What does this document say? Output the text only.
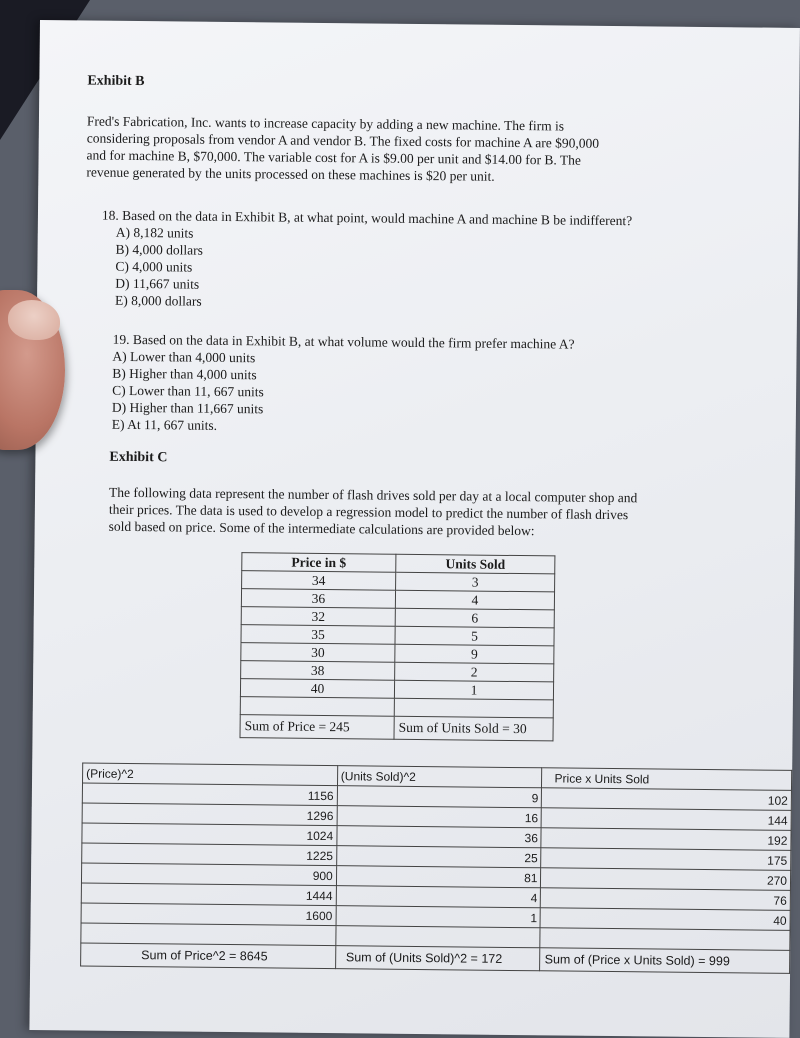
Exhibit B
Fred's Fabrication, Inc. wants to increase capacity by adding a new machine. The firm is
considering proposals from vendor A and vendor B. The fixed costs for machine A are $90,000
and for machine B, $70,000. The variable cost for A is $9.00 per unit and $14.00 for B. The
revenue generated by the units processed on these machines is $20 per unit.
18. Based on the data in Exhibit B, at what point, would machine A and machine B be indifferent?
A) 8,182 units
B) 4,000 dollars
C) 4,000 units
D) 11,667 units
E) 8,000 dollars
19. Based on the data in Exhibit B, at what volume would the firm prefer machine A?
A) Lower than 4,000 units
B) Higher than 4,000 units
C) Lower than 11, 667 units
D) Higher than 11,667 units
E) At 11, 667 units.
Exhibit C
The following data represent the number of flash drives sold per day at a local computer shop and
their prices. The data is used to develop a regression model to predict the number of flash drives
sold based on price. Some of the intermediate calculations are provided below:
Price in $	Units Sold
34	3
36	4
32	6
35	5
30	9
38	2
40	1

Sum of Price = 245	Sum of Units Sold = 30
(Price)^2	(Units Sold)^2	Price x Units Sold
1156	9	102
1296	16	144
1024	36	192
1225	25	175
900	81	270
1444	4	76
1600	1	40

Sum of Price^2 = 8645	Sum of (Units Sold)^2 = 172	Sum of (Price x Units Sold) = 999
